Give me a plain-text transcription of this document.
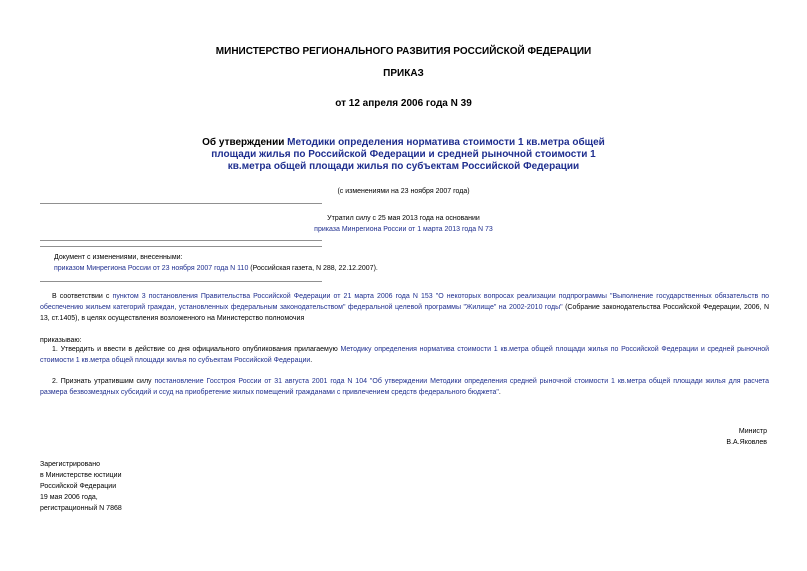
МИНИСТЕРСТВО РЕГИОНАЛЬНОГО РАЗВИТИЯ РОССИЙСКОЙ ФЕДЕРАЦИИ
ПРИКАЗ
от 12 апреля 2006 года N 39
Об утверждении Методики определения норматива стоимости 1 кв.метра общей площади жилья по Российской Федерации и средней рыночной стоимости 1 кв.метра общей площади жилья по субъектам Российской Федерации
(с изменениями на 23 ноября 2007 года)
Утратил силу с 25 мая 2013 года на основании
приказа Минрегиона России от 1 марта 2013 года N 73
Документ с изменениями, внесенными:
приказом Минрегиона России от 23 ноября 2007 года N 110 (Российская газета, N 288, 22.12.2007).
В соответствии с пунктом 3 постановления Правительства Российской Федерации от 21 марта 2006 года N 153 "О некоторых вопросах реализации подпрограммы "Выполнение государственных обязательств по обеспечению жильем категорий граждан, установленных федеральным законодательством" федеральной целевой программы "Жилище" на 2002-2010 годы" (Собрание законодательства Российской Федерации, 2006, N 13, ст.1405), в целях осуществления возложенного на Министерство полномочия
приказываю:
1. Утвердить и ввести в действие со дня официального опубликования прилагаемую Методику определения норматива стоимости 1 кв.метра общей площади жилья по Российской Федерации и средней рыночной стоимости 1 кв.метра общей площади жилья по субъектам Российской Федерации.
2. Признать утратившим силу постановление Госстроя России от 31 августа 2001 года N 104 "Об утверждении Методики определения средней рыночной стоимости 1 кв.метра общей площади жилья для расчета размера безвозмездных субсидий и ссуд на приобретение жилых помещений гражданами с привлечением средств федерального бюджета".
Министр
В.А.Яковлев
Зарегистрировано
в Министерстве юстиции
Российской Федерации
19 мая 2006 года,
регистрационный N 7868
